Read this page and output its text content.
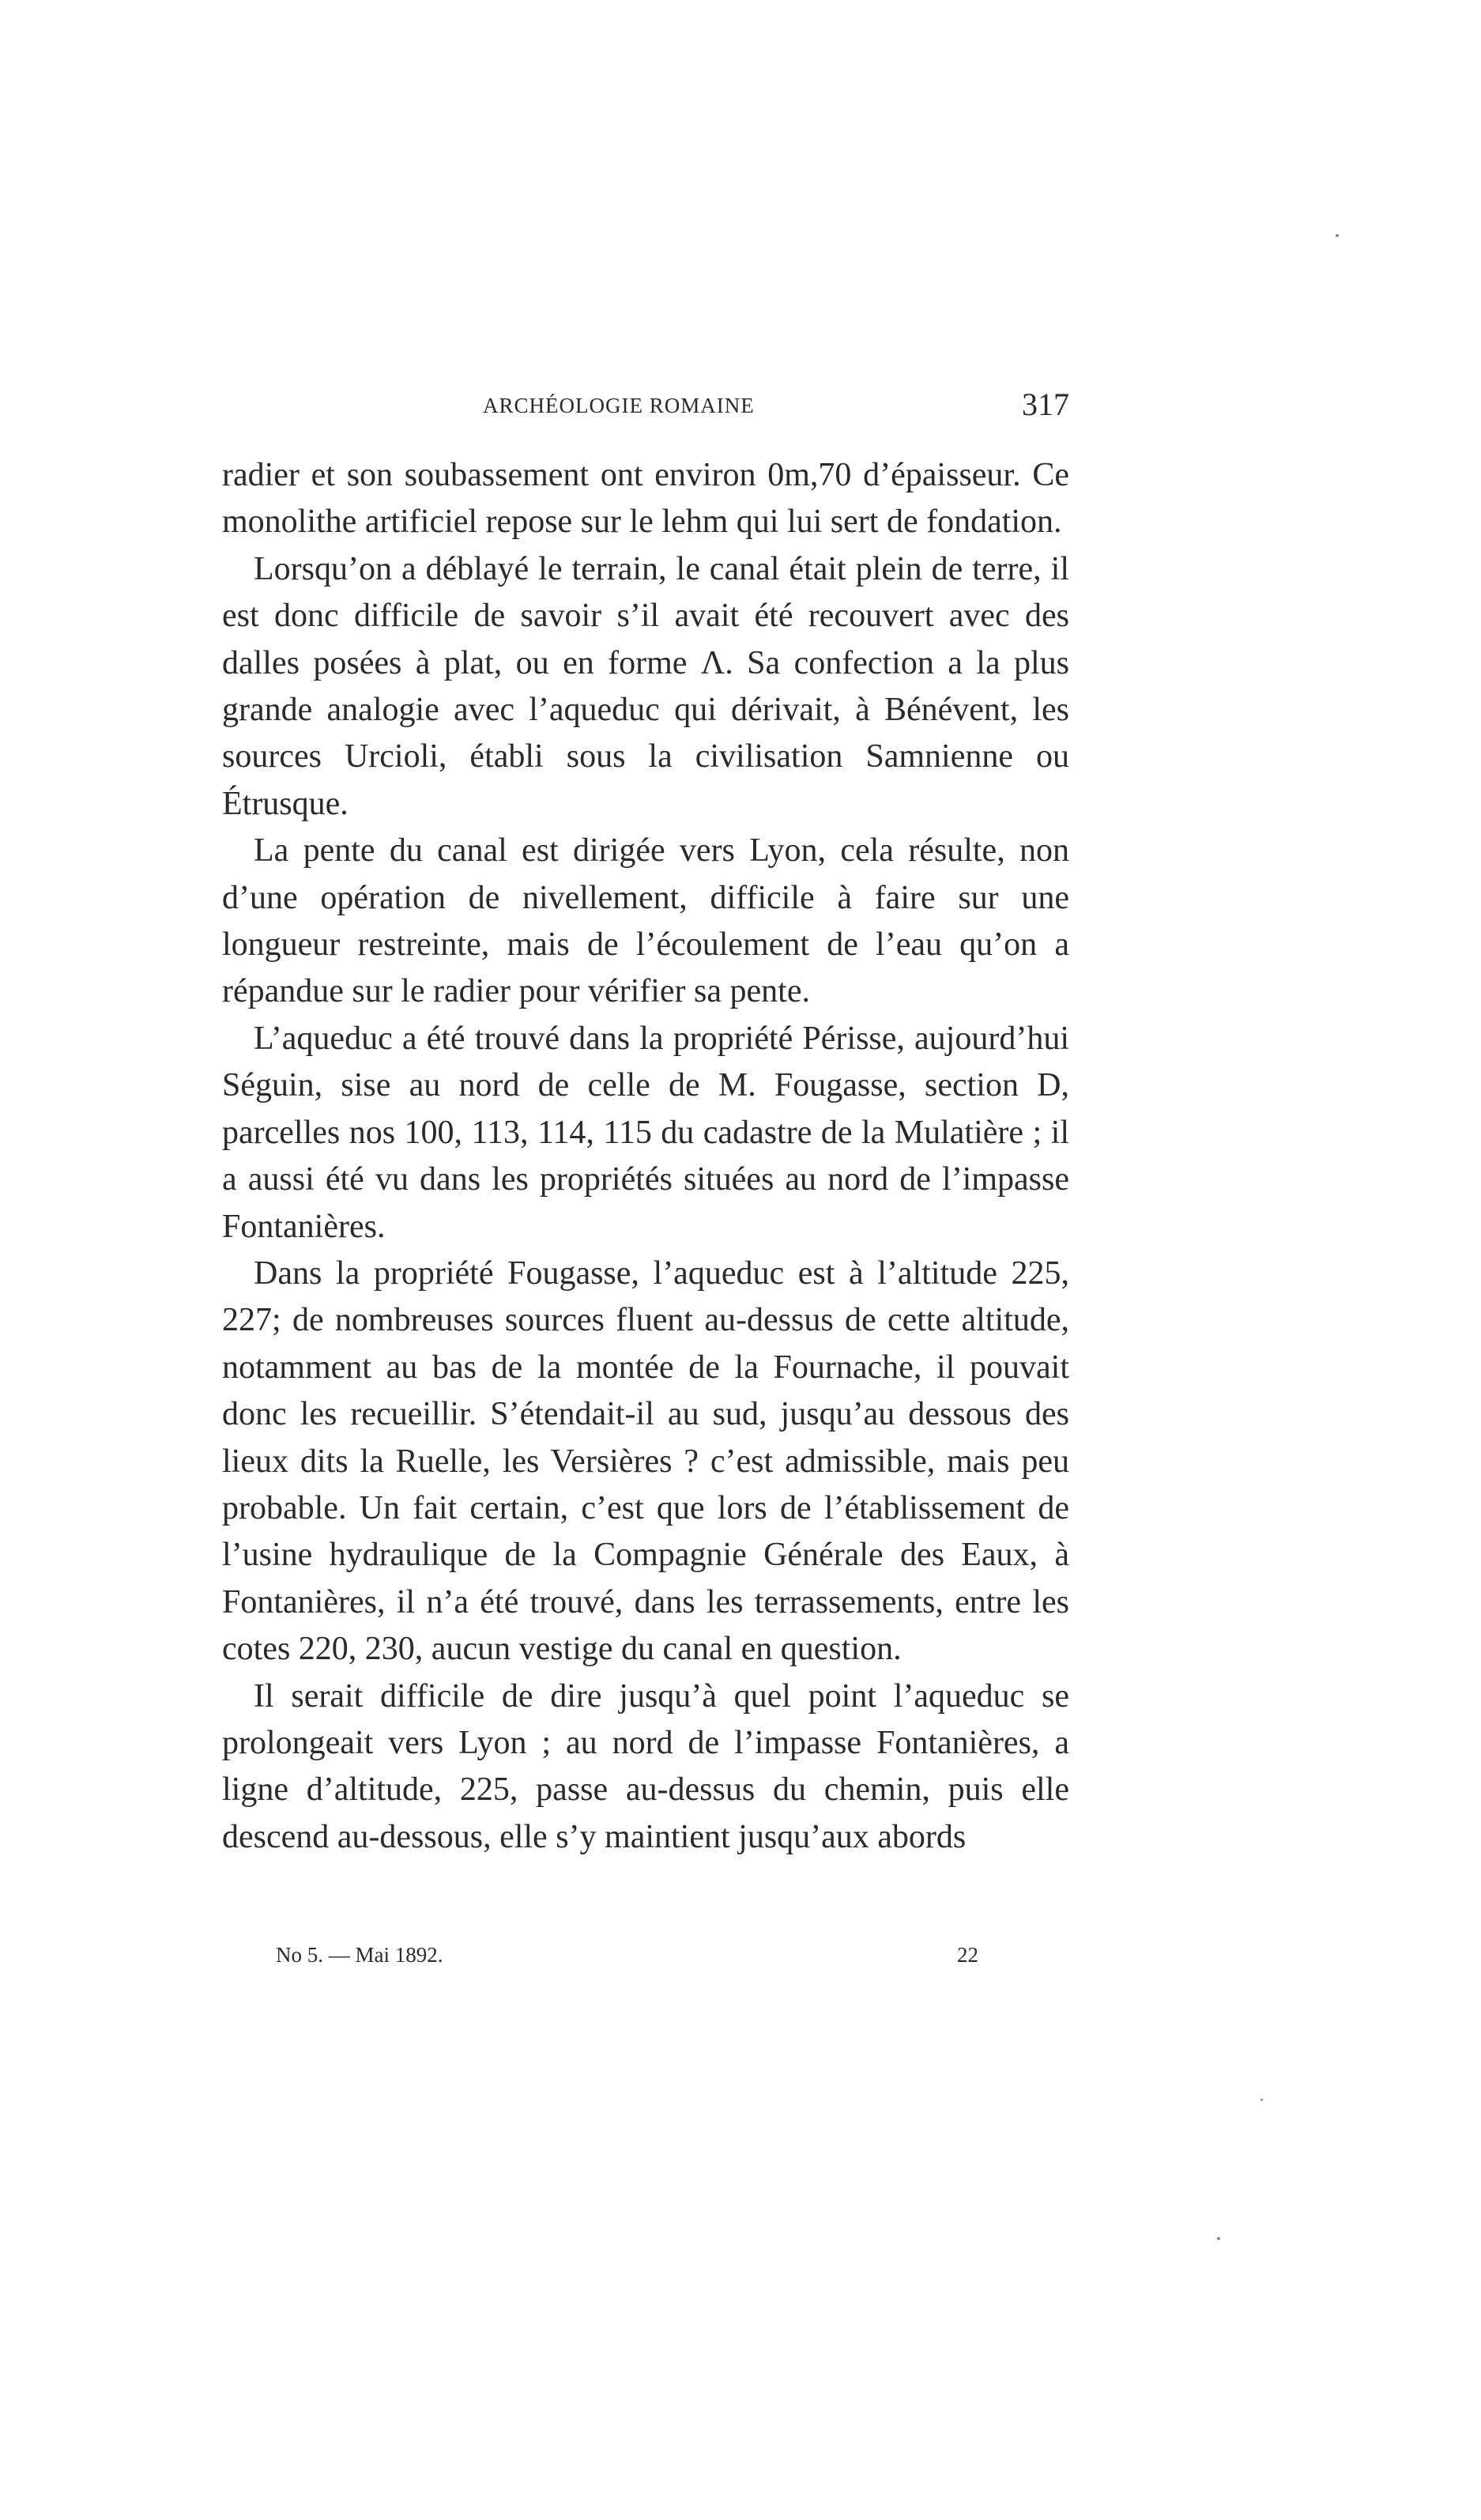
ARCHÉOLOGIE ROMAINE	317

radier et son soubassement ont environ 0m,70 d’épaisseur. Ce monolithe artificiel repose sur le lehm qui lui sert de fondation.

Lorsqu’on a déblayé le terrain, le canal était plein de terre, il est donc difficile de savoir s’il avait été recouvert avec des dalles posées à plat, ou en forme Λ. Sa confection a la plus grande analogie avec l’aqueduc qui dérivait, à Bénévent, les sources Urcioli, établi sous la civilisation Samnienne ou Étrusque.

La pente du canal est dirigée vers Lyon, cela résulte, non d’une opération de nivellement, difficile à faire sur une longueur restreinte, mais de l’écoulement de l’eau qu’on a répandue sur le radier pour vérifier sa pente.

L’aqueduc a été trouvé dans la propriété Périsse, aujourd’hui Séguin, sise au nord de celle de M. Fougasse, section D, parcelles nos 100, 113, 114, 115 du cadastre de la Mulatière ; il a aussi été vu dans les propriétés situées au nord de l’impasse Fontanières.

Dans la propriété Fougasse, l’aqueduc est à l’altitude 225, 227; de nombreuses sources fluent au-dessus de cette altitude, notamment au bas de la montée de la Fournache, il pouvait donc les recueillir. S’étendait-il au sud, jusqu’au dessous des lieux dits la Ruelle, les Versières ? c’est admissible, mais peu probable. Un fait certain, c’est que lors de l’établissement de l’usine hydraulique de la Compagnie Générale des Eaux, à Fontanières, il n’a été trouvé, dans les terrassements, entre les cotes 220, 230, aucun vestige du canal en question.

Il serait difficile de dire jusqu’à quel point l’aqueduc se prolongeait vers Lyon ; au nord de l’impasse Fontanières, a ligne d’altitude, 225, passe au-dessus du chemin, puis elle descend au-dessous, elle s’y maintient jusqu’aux abords

No 5. — Mai 1892.	22
